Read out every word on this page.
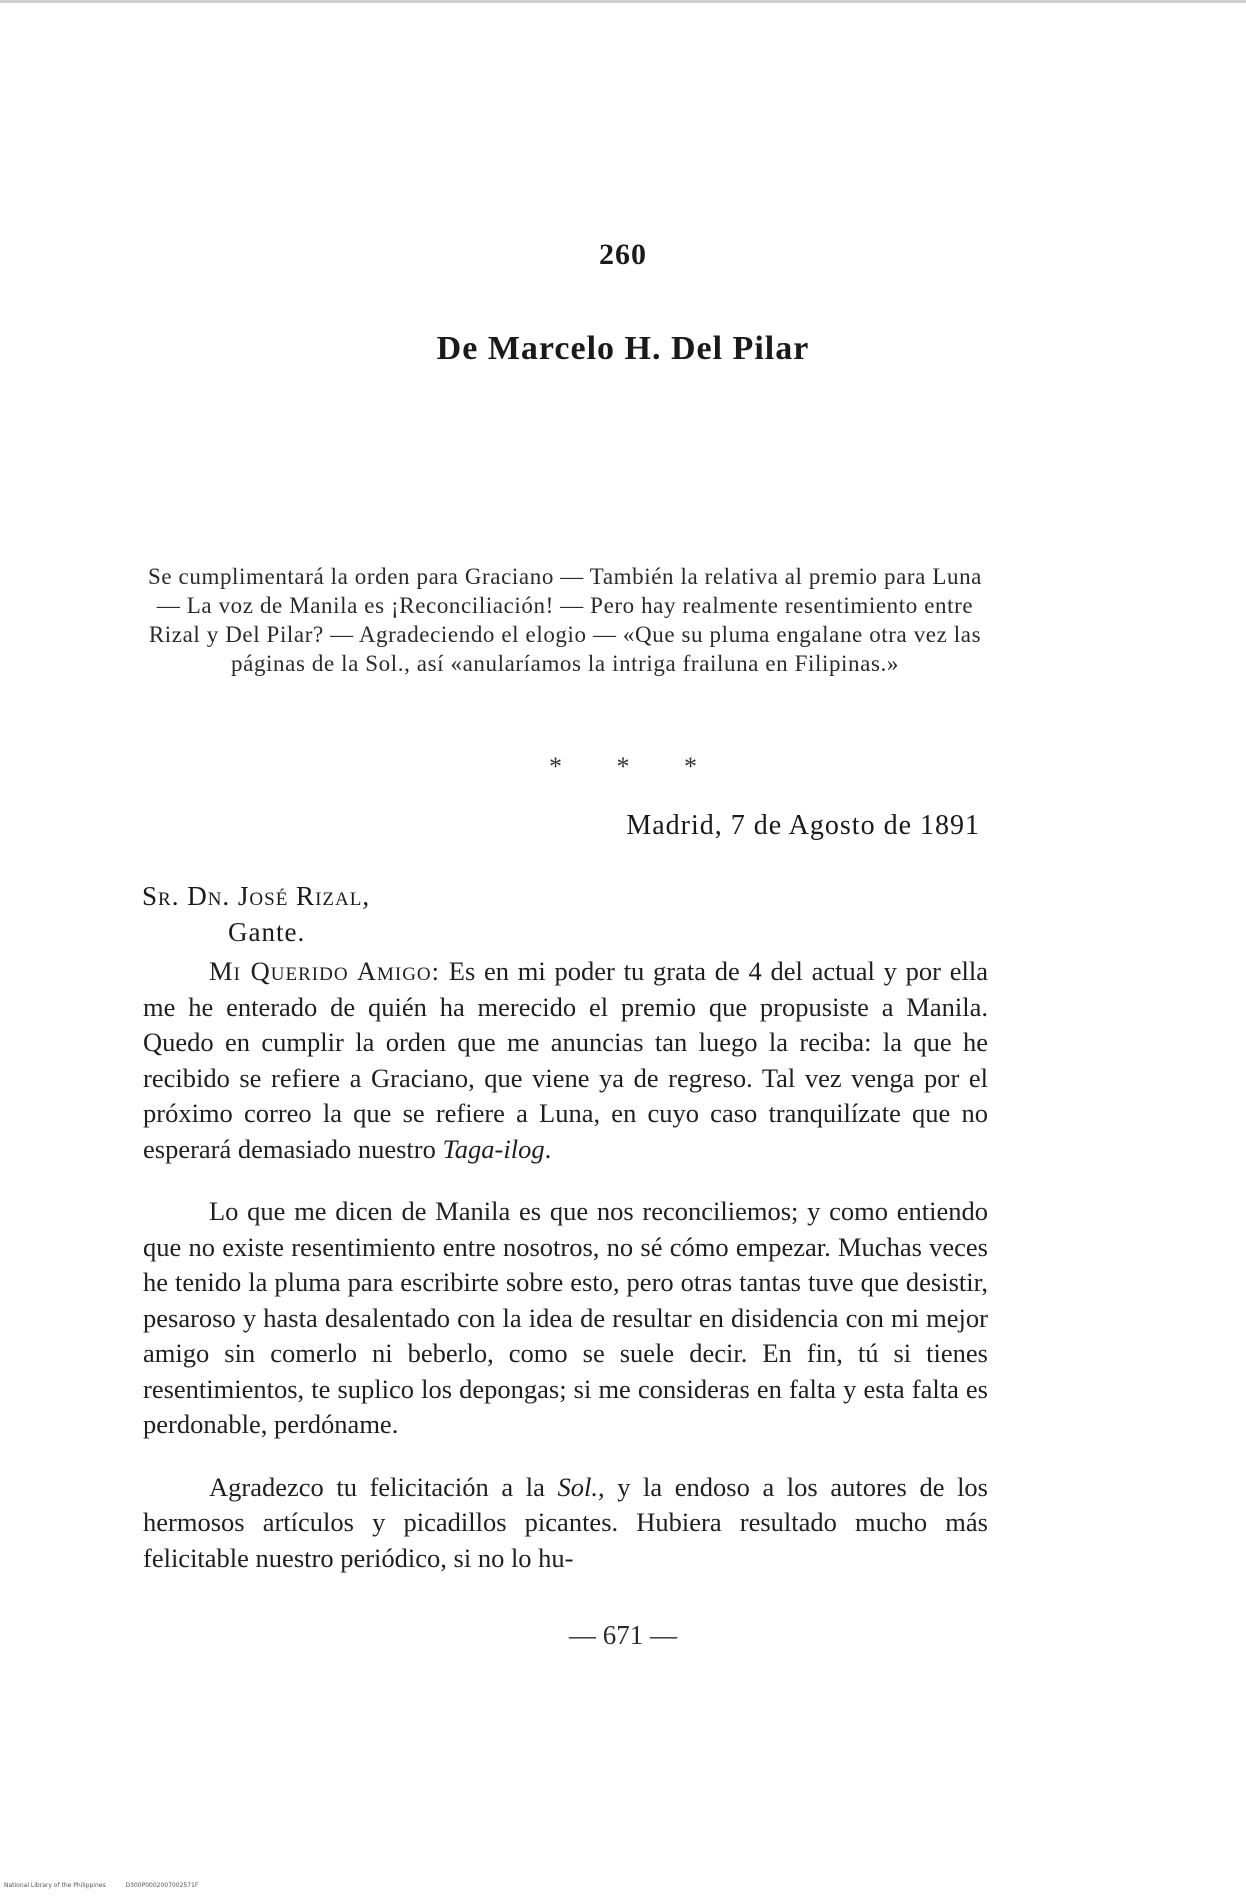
260
De Marcelo H. Del Pilar
Se cumplimentará la orden para Graciano — También la relativa al premio para Luna — La voz de Manila es ¡Reconciliación! — Pero hay realmente resentimiento entre Rizal y Del Pilar? — Agradeciendo el elogio — «Que su pluma engalane otra vez las páginas de la Sol., así «anularíamos la intriga frailuna en Filipinas.»
* * *
Madrid, 7 de Agosto de 1891
Sr. Dn. José Rizal,
Gante.

Mi Querido Amigo: Es en mi poder tu grata de 4 del actual y por ella me he enterado de quién ha merecido el premio que propusiste a Manila. Quedo en cumplir la orden que me anuncias tan luego la reciba: la que he recibido se refiere a Graciano, que viene ya de regreso. Tal vez venga por el próximo correo la que se refiere a Luna, en cuyo caso tranquilízate que no esperará demasiado nuestro Taga-ilog.

Lo que me dicen de Manila es que nos reconciliemos; y como entiendo que no existe resentimiento entre nosotros, no sé cómo empezar. Muchas veces he tenido la pluma para escribirte sobre esto, pero otras tantas tuve que desistir, pesaroso y hasta desalentado con la idea de resultar en disidencia con mi mejor amigo sin comerlo ni beberlo, como se suele decir. En fin, tú si tienes resentimientos, te suplico los depongas; si me consideras en falta y esta falta es perdonable, perdóname.

Agradezco tu felicitación a la Sol., y la endoso a los autores de los hermosos artículos y picadillos picantes. Hubiera resultado mucho más felicitable nuestro periódico, si no lo hu-

— 671 —
National Library of the Philippines	D300P0002007002571F
